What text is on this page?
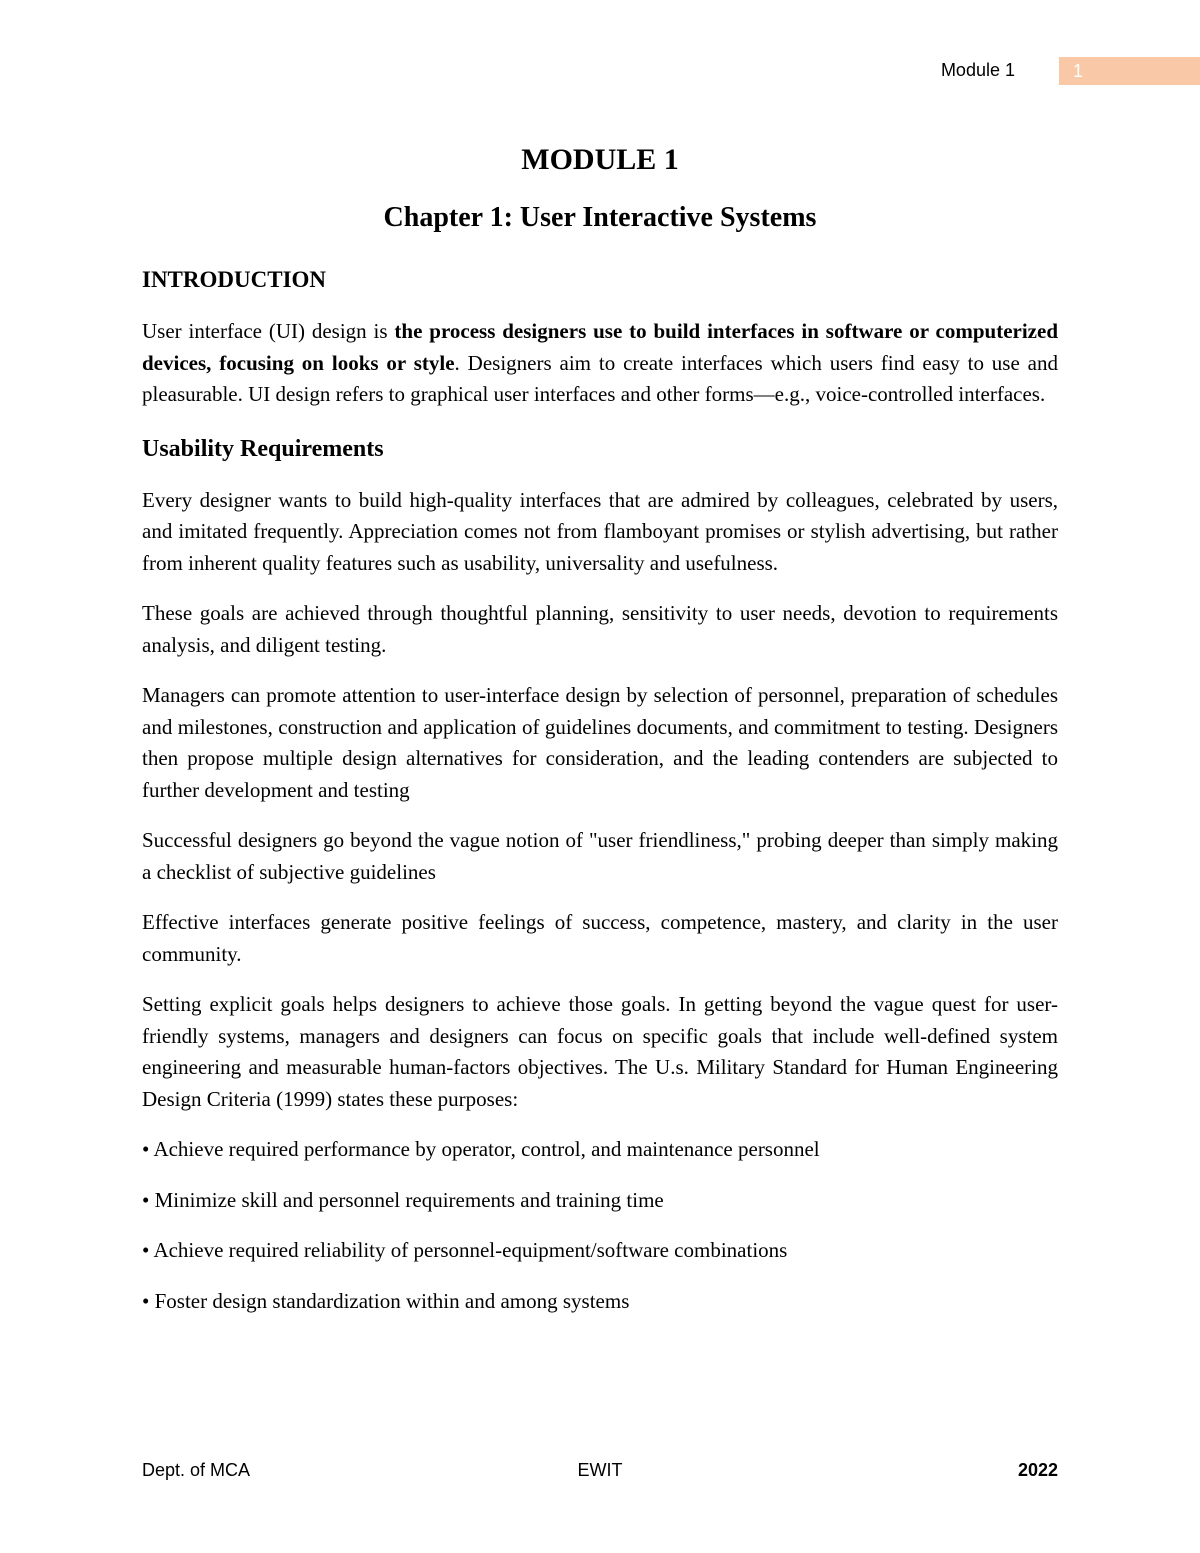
Module 1	1
MODULE 1
Chapter 1: User Interactive Systems
INTRODUCTION

User interface (UI) design is the process designers use to build interfaces in software or computerized devices, focusing on looks or style. Designers aim to create interfaces which users find easy to use and pleasurable. UI design refers to graphical user interfaces and other forms—e.g., voice-controlled interfaces.

Usability Requirements

Every designer wants to build high-quality interfaces that are admired by colleagues, celebrated by users, and imitated frequently. Appreciation comes not from flamboyant promises or stylish advertising, but rather from inherent quality features such as usability, universality and usefulness.

These goals are achieved through thoughtful planning, sensitivity to user needs, devotion to requirements analysis, and diligent testing.

Managers can promote attention to user-interface design by selection of personnel, preparation of schedules and milestones, construction and application of guidelines documents, and commitment to testing. Designers then propose multiple design alternatives for consideration, and the leading contenders are subjected to further development and testing

Successful designers go beyond the vague notion of "user friendliness," probing deeper than simply making a checklist of subjective guidelines

Effective interfaces generate positive feelings of success, competence, mastery, and clarity in the user community.

Setting explicit goals helps designers to achieve those goals. In getting beyond the vague quest for user-friendly systems, managers and designers can focus on specific goals that include well-defined system engineering and measurable human-factors objectives. The U.s. Military Standard for Human Engineering Design Criteria (1999) states these purposes:

• Achieve required performance by operator, control, and maintenance personnel

• Minimize skill and personnel requirements and training time

• Achieve required reliability of personnel-equipment/software combinations

• Foster design standardization within and among systems

Dept. of MCA	EWIT	2022
